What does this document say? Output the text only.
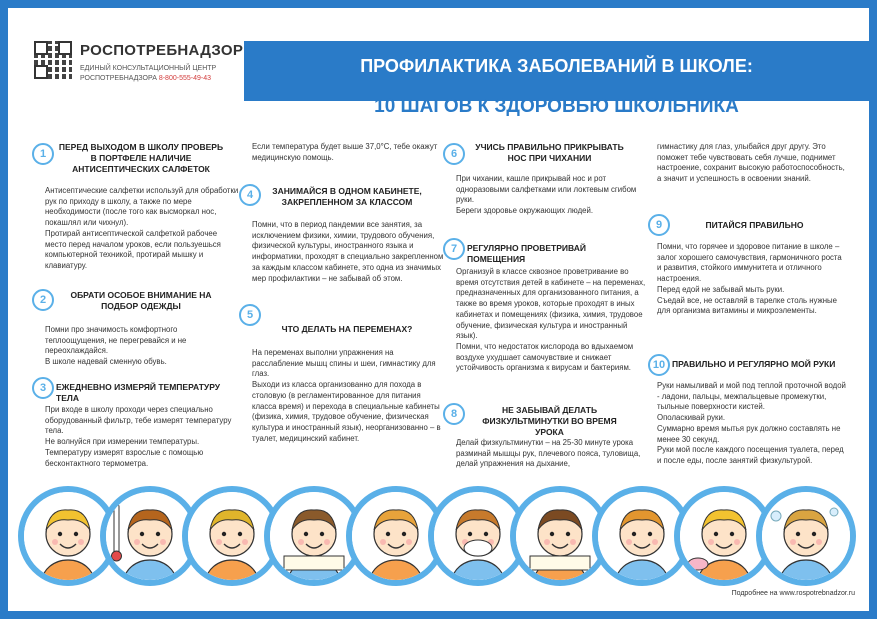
РОСПОТРЕБНАДЗОР
ЕДИНЫЙ КОНСУЛЬТАЦИОННЫЙ ЦЕНТР
РОСПОТРЕБНАДЗОРА 8-800-555-49-43
ПРОФИЛАКТИКА ЗАБОЛЕВАНИЙ В ШКОЛЕ:
10 ШАГОВ К ЗДОРОВЬЮ ШКОЛЬНИКА
1
ПЕРЕД ВЫХОДОМ В ШКОЛУ ПРОВЕРЬ В ПОРТФЕЛЕ НАЛИЧИЕ АНТИСЕПТИЧЕСКИХ САЛФЕТОК

Антисептические салфетки используй для обработки рук по приходу в школу, а также по мере необходимости (после того как высморкал нос, покашлял или чихнул).

Протирай антисептической салфеткой рабочее место перед началом уроков, если пользуешься компьютерной техникой, протирай мышку и клавиатуру.

2	ОБРАТИ ОСОБОЕ ВНИМАНИЕ НА ПОДБОР ОДЕЖДЫ

Помни про значимость комфортного теплоощущения, не перегревайся и не переохлаждайся.

В школе надевай сменную обувь.

3	ЕЖЕДНЕВНО ИЗМЕРЯЙ ТЕМПЕРАТУРУ ТЕЛА

При входе в школу проходи через специально оборудованный фильтр, тебе измерят температуру тела.

Не волнуйся при измерении температуры.

Температуру измерят взрослые с помощью бесконтактного термометра.

Если температура будет выше 37,0°С, тебе окажут медицинскую помощь.

4	ЗАНИМАЙСЯ В ОДНОМ КАБИНЕТЕ, ЗАКРЕПЛЕННОМ ЗА КЛАССОМ

Помни, что в период пандемии все занятия, за исключением физики, химии, трудового обучения, физической культуры, иностранного языка и информатики, проходят в специально закрепленном за каждым классом кабинете, это одна из значимых мер профилактики – не забывай об этом.

5
ЧТО ДЕЛАТЬ НА ПЕРЕМЕНАХ?

На переменах выполни упражнения на расслабление мышц спины и шеи, гимнастику для глаз.

Выходи из класса организованно для похода в столовую (в регламентированное для питания класса время) и перехода в специальные кабинеты (физика, химия, трудовое обучение, физическая культура и иностранный язык), неорганизованно – в туалет, медицинский кабинет.

6
УЧИСЬ ПРАВИЛЬНО ПРИКРЫВАТЬ НОС ПРИ ЧИХАНИИ

При чихании, кашле прикрывай нос и рот одноразовыми салфетками или локтевым сгибом руки.

Береги здоровье окружающих людей.

7	РЕГУЛЯРНО ПРОВЕТРИВАЙ ПОМЕЩЕНИЯ

Организуй в классе сквозное проветривание во время отсутствия детей в кабинете – на переменах, предназначенных для организованного питания, а также во время уроков, которые проходят в иных кабинетах и помещениях (физика, химия, трудовое обучение, физическая культура и иностранный язык).

Помни, что недостаток кислорода во вдыхаемом воздухе ухудшает самочувствие и снижает устойчивость организма к вирусам и бактериям.

8	НЕ ЗАБЫВАЙ ДЕЛАТЬ ФИЗКУЛЬТМИНУТКИ ВО ВРЕМЯ УРОКА

Делай физкультминутки – на 25-30 минуте урока разминай мышцы рук, плечевого пояса, туловища, делай упражнения на дыхание,

гимнастику для глаз, улыбайся друг другу. Это поможет тебе чувствовать себя лучше, поднимет настроение, сохранит высокую работоспособность, а значит и успешность в освоении знаний.

9	ПИТАЙСЯ ПРАВИЛЬНО

Помни, что горячее и здоровое питание в школе – залог хорошего самочувствия, гармоничного роста и развития, стойкого иммунитета и отличного настроения.

Перед едой не забывай мыть руки.

Съедай все, не оставляй в тарелке столь нужные для организма витамины и микроэлементы.

10 ПРАВИЛЬНО И РЕГУЛЯРНО МОЙ РУКИ

Руки намыливай и мой под теплой проточной водой - ладони, пальцы, межпальцевые промежутки, тыльные поверхности кистей.

Ополаскивай руки.

Суммарно время мытья рук должно составлять не менее 30 секунд.

Руки мой после каждого посещения туалета, перед и после еды, после занятий физкультурой.

Подробнее на www.rospotrebnadzor.ru
